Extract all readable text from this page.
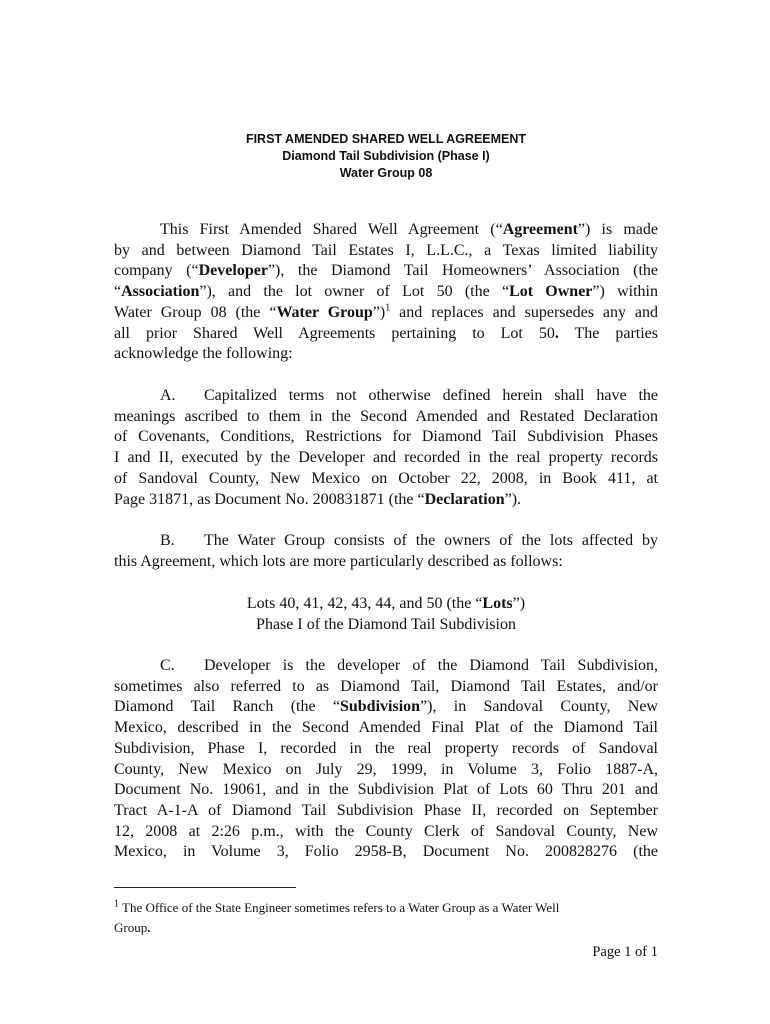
FIRST AMENDED SHARED WELL AGREEMENT
Diamond Tail Subdivision (Phase I)
Water Group 08
This First Amended Shared Well Agreement (“Agreement”) is made
by and between Diamond Tail Estates I, L.L.C., a Texas limited liability
company (“Developer”), the Diamond Tail Homeowners’ Association (the
“Association”), and the lot owner of Lot 50 (the “Lot Owner”) within
Water Group 08 (the “Water Group”)$^1$ and replaces and supersedes any and
all prior Shared Well Agreements pertaining to Lot 50. The parties
acknowledge the following:
A. Capitalized terms not otherwise defined herein shall have the
meanings ascribed to them in the Second Amended and Restated Declaration
of Covenants, Conditions, Restrictions for Diamond Tail Subdivision Phases
I and II, executed by the Developer and recorded in the real property records
of Sandoval County, New Mexico on October 22, 2008, in Book 411, at
Page 31871, as Document No. 200831871 (the “Declaration”).
B. The Water Group consists of the owners of the lots affected by
this Agreement, which lots are more particularly described as follows:
Lots 40, 41, 42, 43, 44, and 50 (the “Lots”)
Phase I of the Diamond Tail Subdivision
C. Developer is the developer of the Diamond Tail Subdivision,
sometimes also referred to as Diamond Tail, Diamond Tail Estates, and/or
Diamond Tail Ranch (the “Subdivision”), in Sandoval County, New
Mexico, described in the Second Amended Final Plat of the Diamond Tail
Subdivision, Phase I, recorded in the real property records of Sandoval
County, New Mexico on July 29, 1999, in Volume 3, Folio 1887-A,
Document No. 19061, and in the Subdivision Plat of Lots 60 Thru 201 and
Tract A-1-A of Diamond Tail Subdivision Phase II, recorded on September
12, 2008 at 2:26 p.m., with the County Clerk of Sandoval County, New
Mexico, in Volume 3, Folio 2958-B, Document No. 200828276 (the
$^1$ The Office of the State Engineer sometimes refers to a Water Group as a Water Well
Group.
Page 1 of 1
